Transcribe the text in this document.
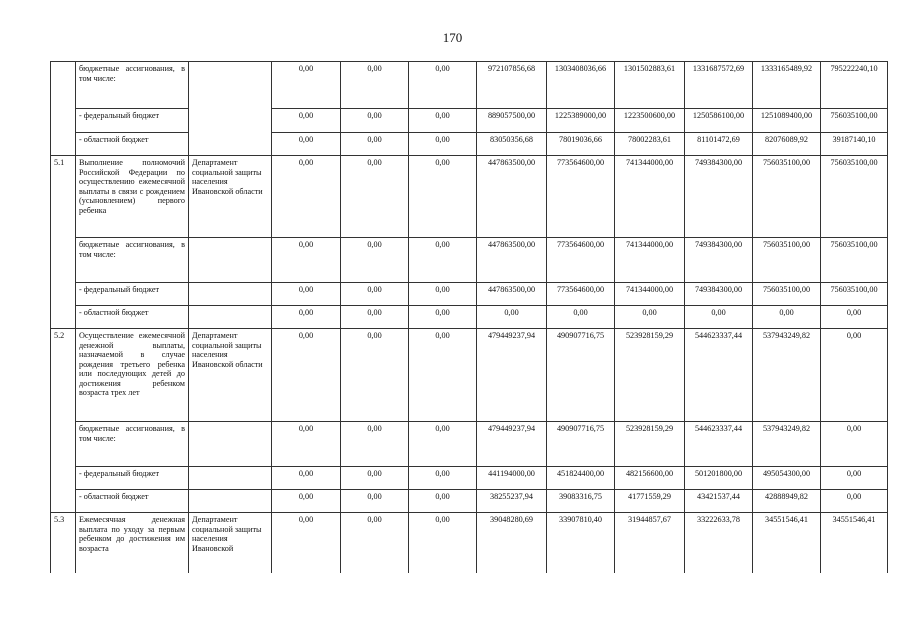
170
	бюджетные ассигнования, в том числе:		0,00	0,00	0,00	972107856,68	1303408036,66	1301502883,61	1331687572,69	1333165489,92	795222240,10
	- федеральный бюджет		0,00	0,00	0,00	889057500,00	1225389000,00	1223500600,00	1250586100,00	1251089400,00	756035100,00
	- областной бюджет		0,00	0,00	0,00	83050356,68	78019036,66	78002283,61	81101472,69	82076089,92	39187140,10
5.1	Выполнение полномочий Российской Федерации по осуществлению ежемесячной выплаты в связи с рождением (усыновлением) первого ребенка	Департамент социальной защиты населения Ивановской области	0,00	0,00	0,00	447863500,00	773564600,00	741344000,00	749384300,00	756035100,00	756035100,00
	бюджетные ассигнования, в том числе:		0,00	0,00	0,00	447863500,00	773564600,00	741344000,00	749384300,00	756035100,00	756035100,00
	- федеральный бюджет		0,00	0,00	0,00	447863500,00	773564600,00	741344000,00	749384300,00	756035100,00	756035100,00
	- областной бюджет		0,00	0,00	0,00	0,00	0,00	0,00	0,00	0,00	0,00
5.2	Осуществление ежемесячной денежной выплаты, назначаемой в случае рождения третьего ребенка или последующих детей до достижения ребенком возраста трех лет	Департамент социальной защиты населения Ивановской области	0,00	0,00	0,00	479449237,94	490907716,75	523928159,29	544623337,44	537943249,82	0,00
	бюджетные ассигнования, в том числе:		0,00	0,00	0,00	479449237,94	490907716,75	523928159,29	544623337,44	537943249,82	0,00
	- федеральный бюджет		0,00	0,00	0,00	441194000,00	451824400,00	482156600,00	501201800,00	495054300,00	0,00
	- областной бюджет		0,00	0,00	0,00	38255237,94	39083316,75	41771559,29	43421537,44	42888949,82	0,00
5.3	Ежемесячная денежная выплата по уходу за первым ребенком до достижения им возраста	Департамент социальной защиты населения Ивановской	0,00	0,00	0,00	39048280,69	33907810,40	31944857,67	33222633,78	34551546,41	34551546,41
